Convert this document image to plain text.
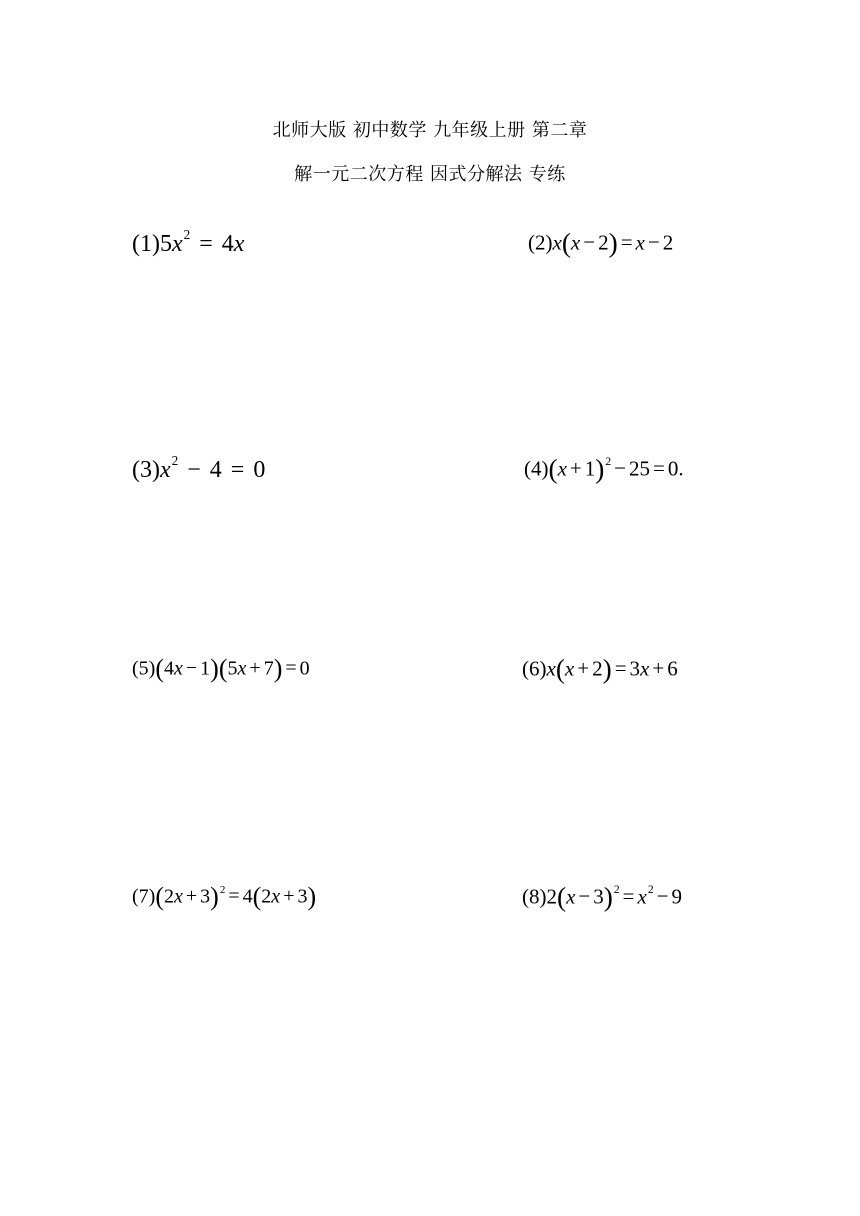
北师大版 初中数学 九年级上册 第二章
解一元二次方程 因式分解法 专练
$(1)5x^2 = 4x$	(2)x(x − 2) = x − 2
$(3)x^2 - 4 = 0$	$(4)(x + 1)^2 - 25 = 0$.
(5)(4x − 1)(5x + 7) = 0	(6)x(x + 2) = 3x + 6
$(7)(2x + 3)^2 = 4(2x + 3)$	$(8)2(x - 3)^2 = x^2 - 9$
